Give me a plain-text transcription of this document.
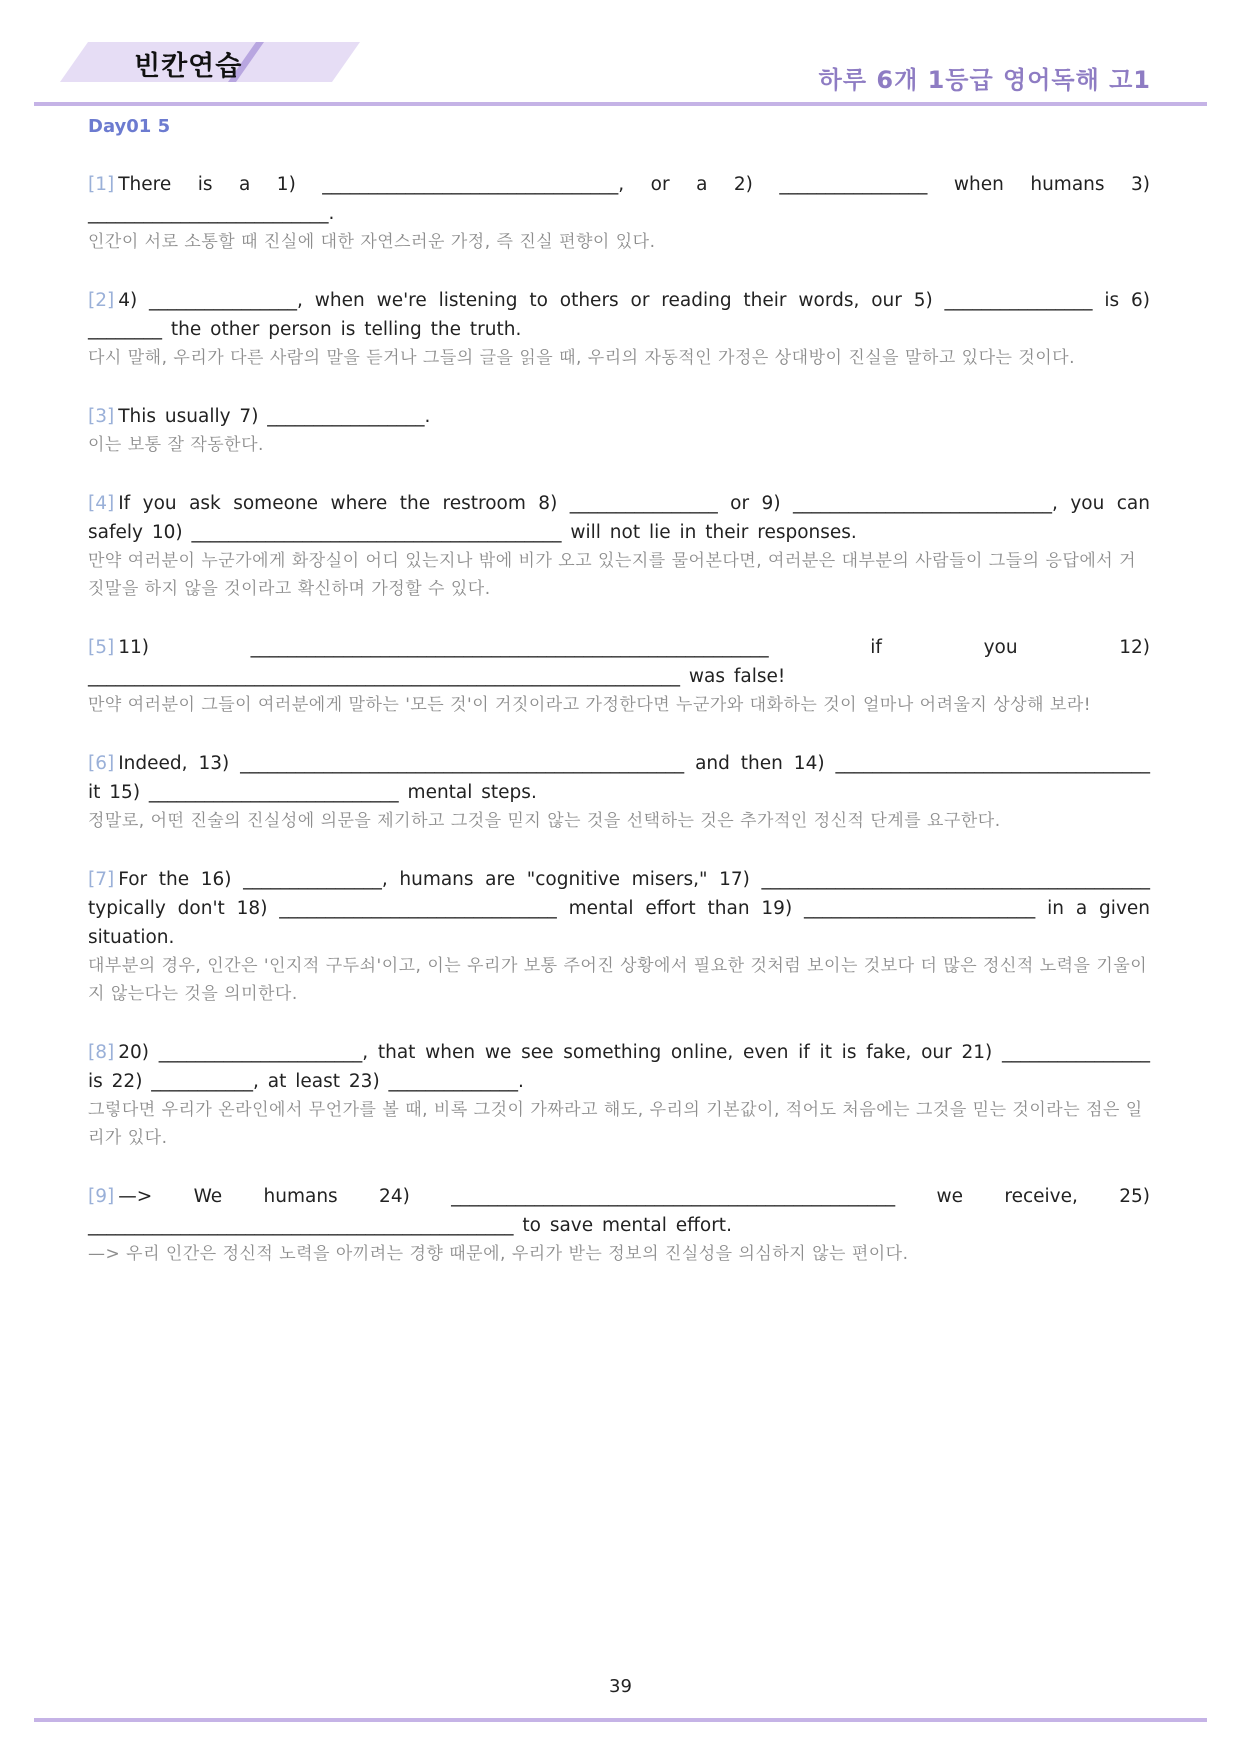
빈칸연습	하루 6개 1등급 영어독해 고1
Day01 5
[1] There is a 1) ________________________________, or a 2) ________________ when humans 3) __________________________.
인간이 서로 소통할 때 진실에 대한 자연스러운 가정, 즉 진실 편향이 있다.
[2] 4) ________________, when we're listening to others or reading their words, our 5) ________________ is 6) ________ the other person is telling the truth.
다시 말해, 우리가 다른 사람의 말을 듣거나 그들의 글을 읽을 때, 우리의 자동적인 가정은 상대방이 진실을 말하고 있다는 것이다.
[3] This usually 7) _________________.
이는 보통 잘 작동한다.
[4] If you ask someone where the restroom 8) ________________ or 9) ____________________________, you can safely 10) ________________________________________ will not lie in their responses.
만약 여러분이 누군가에게 화장실이 어디 있는지나 밖에 비가 오고 있는지를 물어본다면, 여러분은 대부분의 사람들이 그들의 응답에서 거짓말을 하지 않을 것이라고 확신하며 가정할 수 있다.
[5] 11) ________________________________________________________ if you 12) ________________________________________________________________ was false!
만약 여러분이 그들이 여러분에게 말하는 '모든 것'이 거짓이라고 가정한다면 누군가와 대화하는 것이 얼마나 어려울지 상상해 보라!
[6] Indeed, 13) ________________________________________________ and then 14) __________________________________ it 15) ___________________________ mental steps.
정말로, 어떤 진술의 진실성에 의문을 제기하고 그것을 믿지 않는 것을 선택하는 것은 추가적인 정신적 단계를 요구한다.
[7] For the 16) _______________, humans are "cognitive misers," 17) __________________________________________ typically don't 18) ______________________________ mental effort than 19) _________________________ in a given situation.
대부분의 경우, 인간은 '인지적 구두쇠'이고, 이는 우리가 보통 주어진 상황에서 필요한 것처럼 보이는 것보다 더 많은 정신적 노력을 기울이지 않는다는 것을 의미한다.
[8] 20) ______________________, that when we see something online, even if it is fake, our 21) ________________ is 22) ___________, at least 23) ______________.
그렇다면 우리가 온라인에서 무언가를 볼 때, 비록 그것이 가짜라고 해도, 우리의 기본값이, 적어도 처음에는 그것을 믿는 것이라는 점은 일리가 있다.
[9] —> We humans 24) ________________________________________________ we receive, 25) ______________________________________________ to save mental effort.
—> 우리 인간은 정신적 노력을 아끼려는 경향 때문에, 우리가 받는 정보의 진실성을 의심하지 않는 편이다.
39
